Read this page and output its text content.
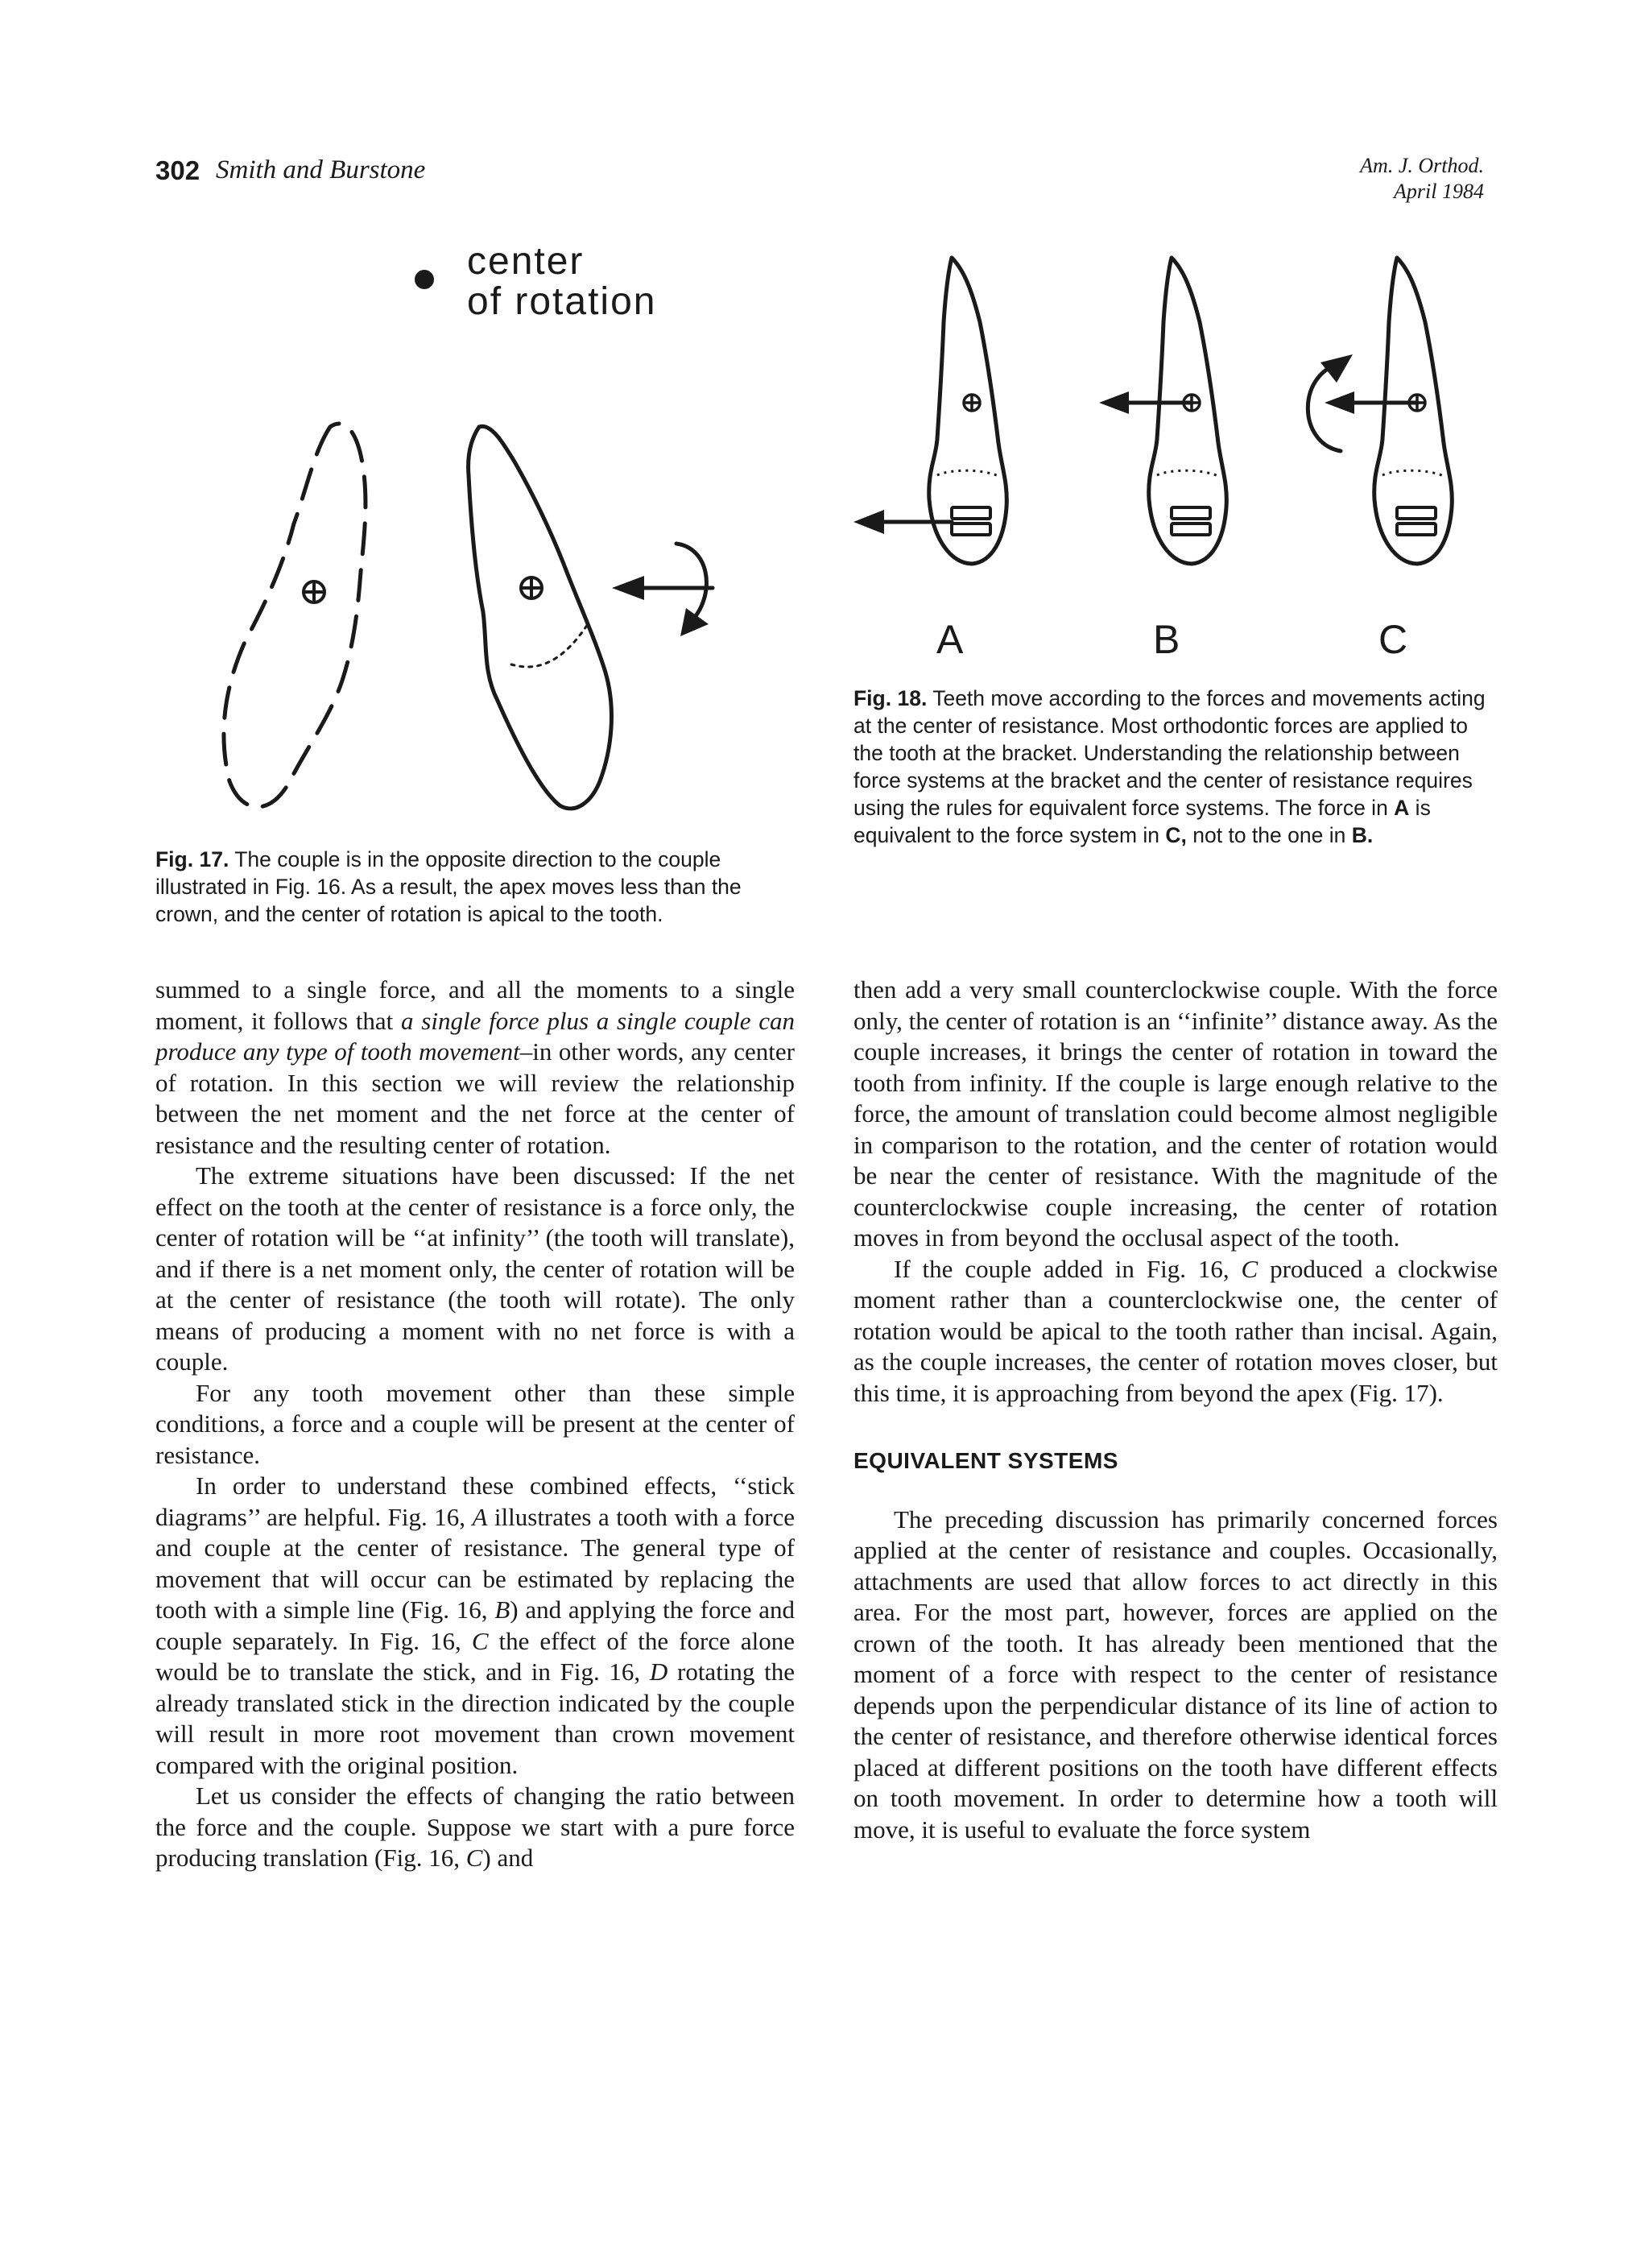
302 Smith and Burstone	Am. J. Orthod.
April 1984
center
of rotation
Fig. 17. The couple is in the opposite direction to the couple illustrated in Fig. 16. As a result, the apex moves less than the crown, and the center of rotation is apical to the tooth.
A	B	C
Fig. 18. Teeth move according to the forces and movements acting at the center of resistance. Most orthodontic forces are applied to the tooth at the bracket. Understanding the relationship between force systems at the bracket and the center of resistance requires using the rules for equivalent force systems. The force in A is equivalent to the force system in C, not to the one in B.

summed to a single force, and all the moments to a single moment, it follows that a single force plus a single couple can produce any type of tooth movement–in other words, any center of rotation. In this section we will review the relationship between the net moment and the net force at the center of resistance and the resulting center of rotation.

The extreme situations have been discussed: If the net effect on the tooth at the center of resistance is a force only, the center of rotation will be ‘‘at infinity’’ (the tooth will translate), and if there is a net moment only, the center of rotation will be at the center of resistance (the tooth will rotate). The only means of producing a moment with no net force is with a couple.

For any tooth movement other than these simple conditions, a force and a couple will be present at the center of resistance.

In order to understand these combined effects, ‘‘stick diagrams’’ are helpful. Fig. 16, A illustrates a tooth with a force and couple at the center of resistance. The general type of movement that will occur can be estimated by replacing the tooth with a simple line (Fig. 16, B) and applying the force and couple separately. In Fig. 16, C the effect of the force alone would be to translate the stick, and in Fig. 16, D rotating the already translated stick in the direction indicated by the couple will result in more root movement than crown movement compared with the original position.

Let us consider the effects of changing the ratio between the force and the couple. Suppose we start with a pure force producing translation (Fig. 16, C) and

then add a very small counterclockwise couple. With the force only, the center of rotation is an ‘‘infinite’’ distance away. As the couple increases, it brings the center of rotation in toward the tooth from infinity. If the couple is large enough relative to the force, the amount of translation could become almost negligible in comparison to the rotation, and the center of rotation would be near the center of resistance. With the magnitude of the counterclockwise couple increasing, the center of rotation moves in from beyond the occlusal aspect of the tooth.

If the couple added in Fig. 16, C produced a clockwise moment rather than a counterclockwise one, the center of rotation would be apical to the tooth rather than incisal. Again, as the couple increases, the center of rotation moves closer, but this time, it is approaching from beyond the apex (Fig. 17).

EQUIVALENT SYSTEMS

The preceding discussion has primarily concerned forces applied at the center of resistance and couples. Occasionally, attachments are used that allow forces to act directly in this area. For the most part, however, forces are applied on the crown of the tooth. It has already been mentioned that the moment of a force with respect to the center of resistance depends upon the perpendicular distance of its line of action to the center of resistance, and therefore otherwise identical forces placed at different positions on the tooth have different effects on tooth movement. In order to determine how a tooth will move, it is useful to evaluate the force system
